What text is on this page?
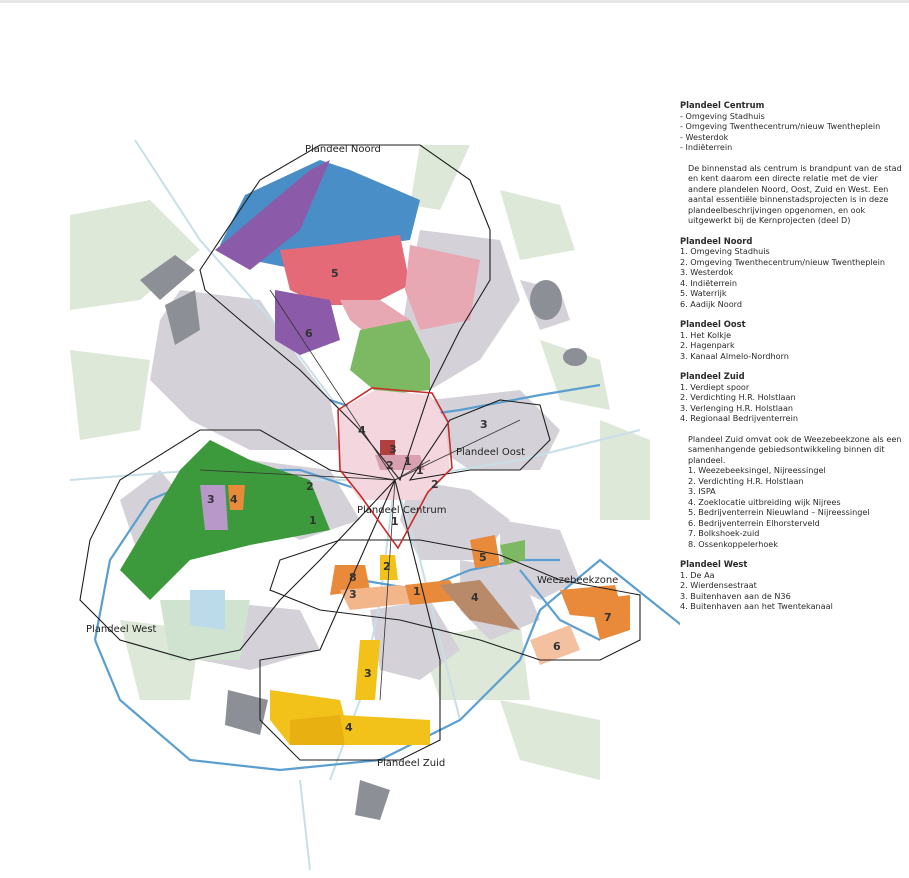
Plandeel Noord
Plandeel Oost
Plandeel Centrum
Plandeel West
Plandeel Zuid
Weezebeekzone
5
6
4
3
2 1
1
1
3
2
2
1
3 4
8
2
3	1	4
5
7
6
3
4
Plandeel Centrum
- Omgeving Stadhuis
- Omgeving Twenthecentrum/nieuw Twentheplein
- Westerdok
- Indiëterrein

De binnenstad als centrum is brandpunt van de stad en kent daarom een directe relatie met de vier andere plandelen Noord, Oost, Zuid en West. Een aantal essentiële binnenstadsprojecten is in deze plandeelbeschrijvingen opgenomen, en ook uitgewerkt bij de Kernprojecten (deel D)

Plandeel Noord
1. Omgeving Stadhuis
2. Omgeving Twenthecentrum/nieuw Twentheplein
3. Westerdok
4. Indiëterrein
5. Waterrijk
6. Aadijk Noord
Plandeel Oost
1. Het Kolkje
2. Hagenpark
3. Kanaal Almelo-Nordhorn
Plandeel Zuid
1. Verdiept spoor
2. Verdichting H.R. Holstlaan
3. Verlenging H.R. Holstlaan
4. Regionaal Bedrijventerrein

Plandeel Zuid omvat ook de Weezebeekzone als een samenhangende gebiedsontwikkeling binnen dit plandeel.

1. Weezebeeksingel, Nijreessingel
2. Verdichting H.R. Holstlaan
3. ISPA
4. Zoeklocatie uitbreiding wijk Nijrees
5. Bedrijventerrein Nieuwland – Nijreessingel
6. Bedrijventerrein Elhorsterveld
7. Bolkshoek-zuid
8. Ossenkoppelerhoek
Plandeel West
1. De Aa
2. Wierdensestraat
3. Buitenhaven aan de N36
4. Buitenhaven aan het Twentekanaal
